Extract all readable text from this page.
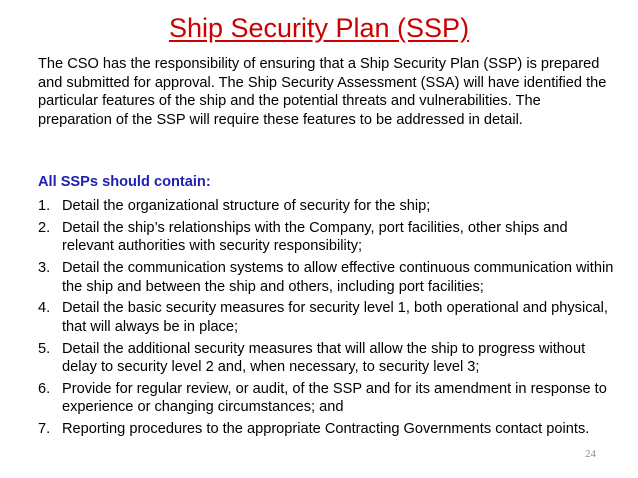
Ship Security Plan (SSP)

The CSO has the responsibility of ensuring that a Ship Security Plan (SSP) is prepared and submitted for approval. The Ship Security Assessment (SSA) will have identified the particular features of the ship and the potential threats and vulnerabilities. The preparation of the SSP will require these features to be addressed in detail.

All SSPs should contain:

1. Detail the organizational structure of security for the ship;
2. Detail the ship’s relationships with the Company, port facilities, other ships and relevant authorities with security responsibility;
3. Detail the communication systems to allow effective continuous communication within the ship and between the ship and others, including port facilities;
4. Detail the basic security measures for security level 1, both operational and physical, that will always be in place;
5. Detail the additional security measures that will allow the ship to progress without delay to security level 2 and, when necessary, to security level 3;
6. Provide for regular review, or audit, of the SSP and for its amendment in response to experience or changing circumstances; and
7. Reporting procedures to the appropriate Contracting Governments contact points.
24
